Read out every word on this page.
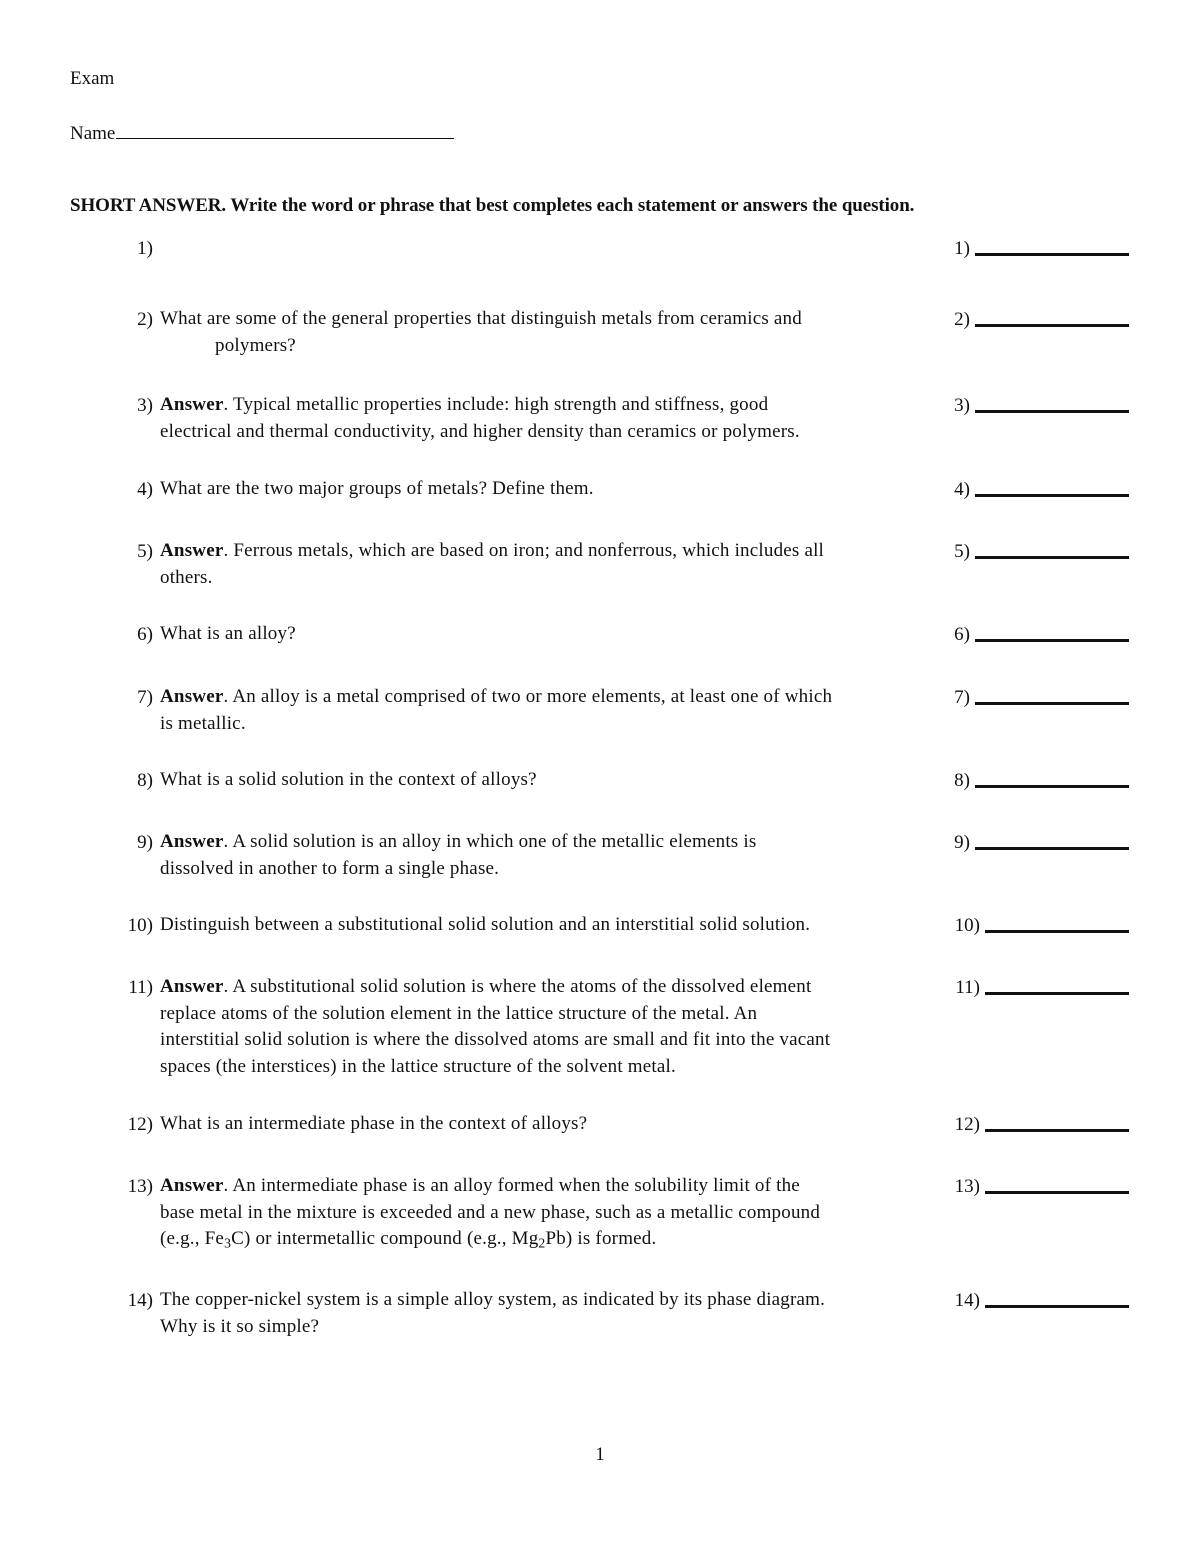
Exam
Name
SHORT ANSWER. Write the word or phrase that best completes each statement or answers the question.
1)	1)
2) What are some of the general properties that distinguish metals from ceramics and
polymers?
2)
3) Answer. Typical metallic properties include: high strength and stiffness, good
electrical and thermal conductivity, and higher density than ceramics or polymers.
3)
4) What are the two major groups of metals? Define them.	4)
5) Answer. Ferrous metals, which are based on iron; and nonferrous, which includes all
others.
5)
6) What is an alloy?	6)
7) Answer. An alloy is a metal comprised of two or more elements, at least one of which
is metallic.
7)
8) What is a solid solution in the context of alloys?	8)
9) Answer. A solid solution is an alloy in which one of the metallic elements is
dissolved in another to form a single phase.
9)
10) Distinguish between a substitutional solid solution and an interstitial solid solution.	10)
11) Answer. A substitutional solid solution is where the atoms of the dissolved element
replace atoms of the solution element in the lattice structure of the metal. An
interstitial solid solution is where the dissolved atoms are small and fit into the vacant
spaces (the interstices) in the lattice structure of the solvent metal.
11)
12) What is an intermediate phase in the context of alloys?	12)
13) Answer. An intermediate phase is an alloy formed when the solubility limit of the
base metal in the mixture is exceeded and a new phase, such as a metallic compound
(e.g., $Fe_3C$) or intermetallic compound (e.g., $Mg_2Pb$) is formed.
13)
14) The copper-nickel system is a simple alloy system, as indicated by its phase diagram.
Why is it so simple?
14)
1
